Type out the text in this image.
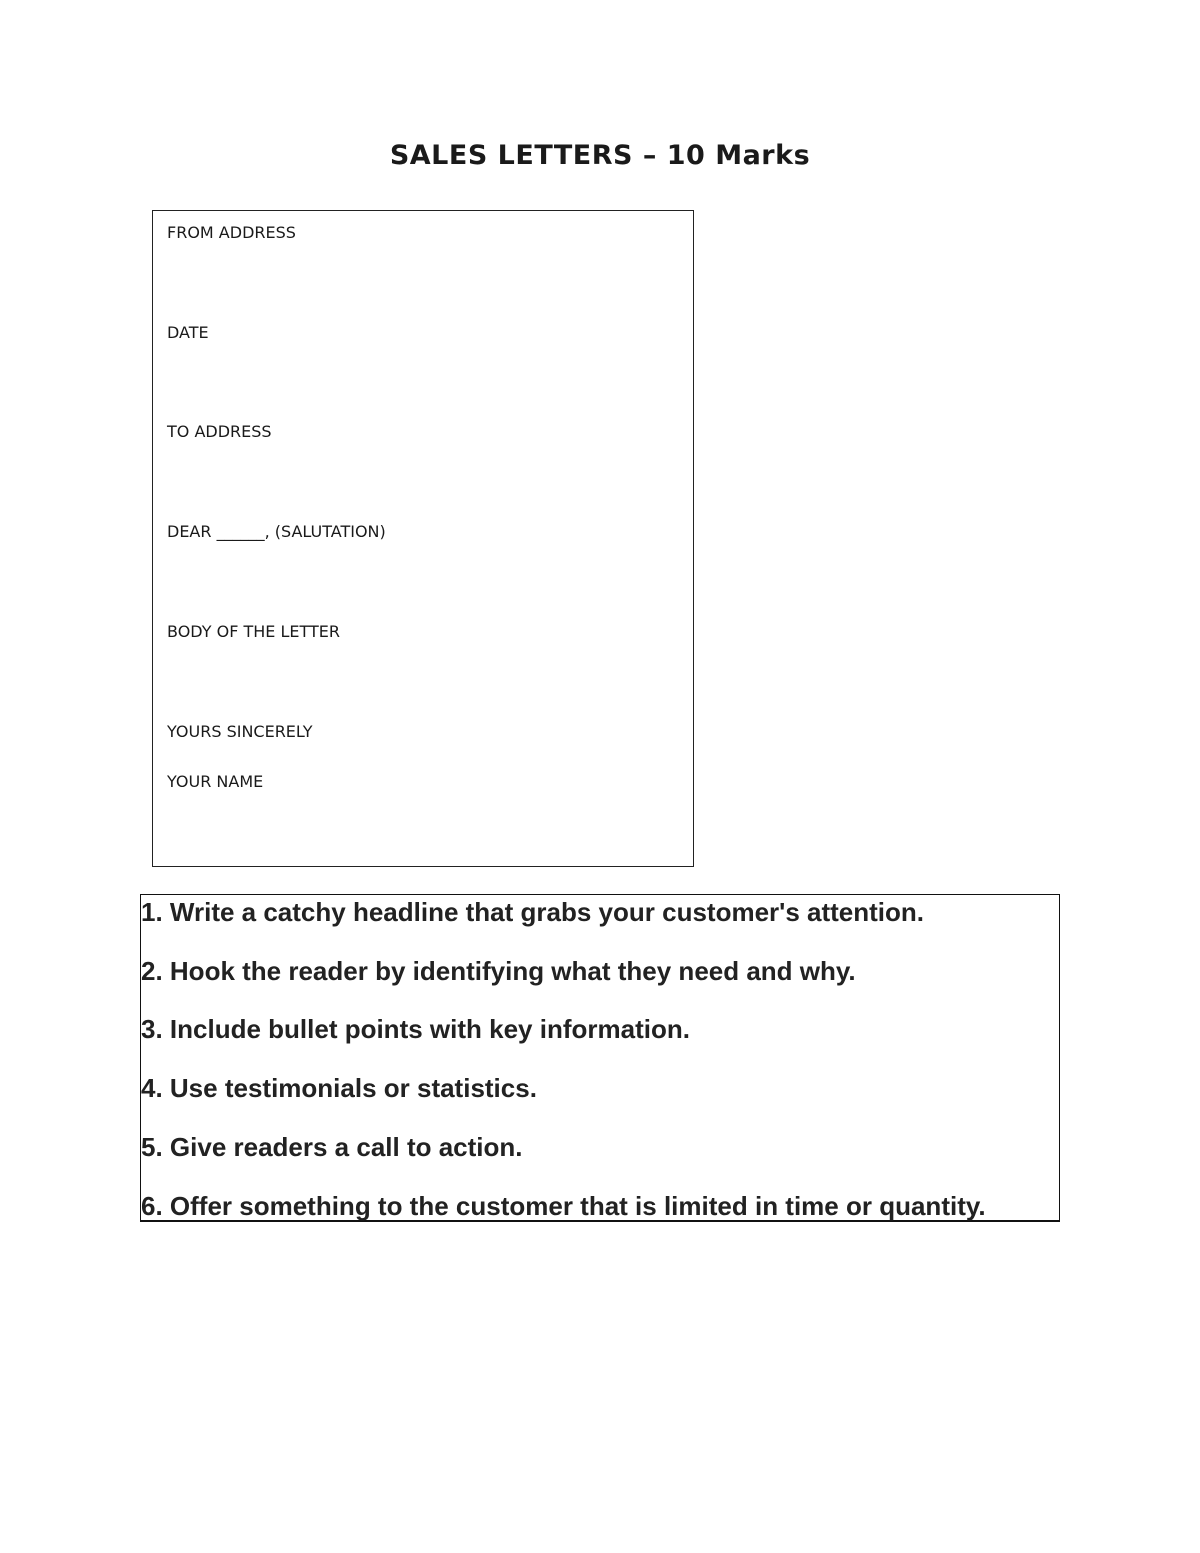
SALES LETTERS – 10 Marks
FROM ADDRESS
DATE
TO ADDRESS
DEAR ______, (SALUTATION)
BODY OF THE LETTER
YOURS SINCERELY
YOUR NAME
1. Write a catchy headline that grabs your customer's attention.
2. Hook the reader by identifying what they need and why.
3. Include bullet points with key information.
4. Use testimonials or statistics.
5. Give readers a call to action.
6. Offer something to the customer that is limited in time or quantity.
